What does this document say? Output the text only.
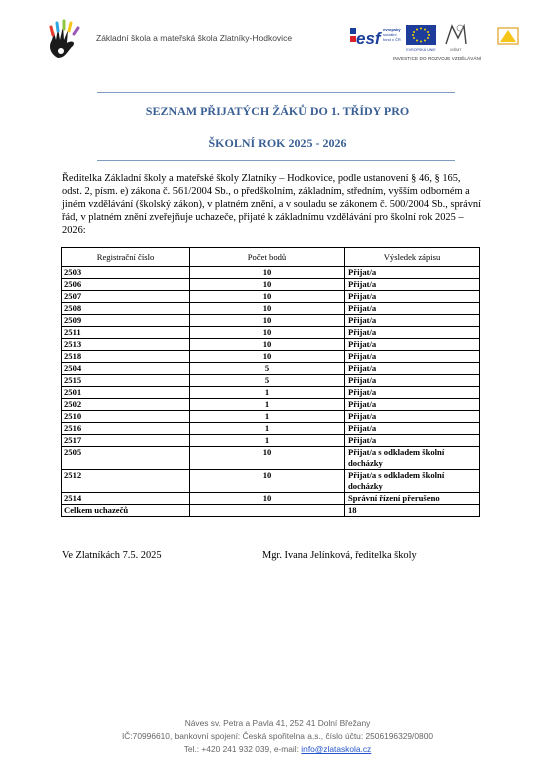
Základní škola a mateřská škola Zlatníky-Hodkovice	esf evropský
sociální
fond v ČR
EVROPSKÁ UNIE	MŠMT
INVESTICE DO ROZVOJE VZDĚLÁVÁNÍ
SEZNAM PŘIJATÝCH ŽÁKŮ DO 1. TŘÍDY PRO
ŠKOLNÍ ROK 2025 - 2026
Ředitelka Základní školy a mateřské školy Zlatníky – Hodkovice, podle ustanovení § 46, § 165, odst. 2, písm. e) zákona č. 561/2004 Sb., o předškolním, základním, středním, vyšším odborném a jiném vzdělávání (školský zákon), v platném znění, a v souladu se zákonem č. 500/2004 Sb., správní řád, v platném znění zveřejňuje uchazeče, přijaté k základnímu vzdělávání pro školní rok 2025 – 2026:
Registrační číslo	Počet bodů	Výsledek zápisu
2503	10	Přijat/a
2506	10	Přijat/a
2507	10	Přijat/a
2508	10	Přijat/a
2509	10	Přijat/a
2511	10	Přijat/a
2513	10	Přijat/a
2518	10	Přijat/a
2504	5	Přijat/a
2515	5	Přijat/a
2501	1	Přijat/a
2502	1	Přijat/a
2510	1	Přijat/a
2516	1	Přijat/a
2517	1	Přijat/a
2505	10	Přijat/a s odkladem školní docházky
2512	10	Přijat/a s odkladem školní docházky
2514	10	Správní řízení přerušeno
Celkem uchazečů		18
Ve Zlatníkách 7.5. 2025	Mgr. Ivana Jelínková, ředitelka školy
Náves sv. Petra a Pavla 41, 252 41 Dolní Břežany
IČ:70996610, bankovní spojení: Česká spořitelna a.s., číslo účtu: 2506196329/0800
Tel.: +420 241 932 039, e-mail: info@zlataskola.cz
